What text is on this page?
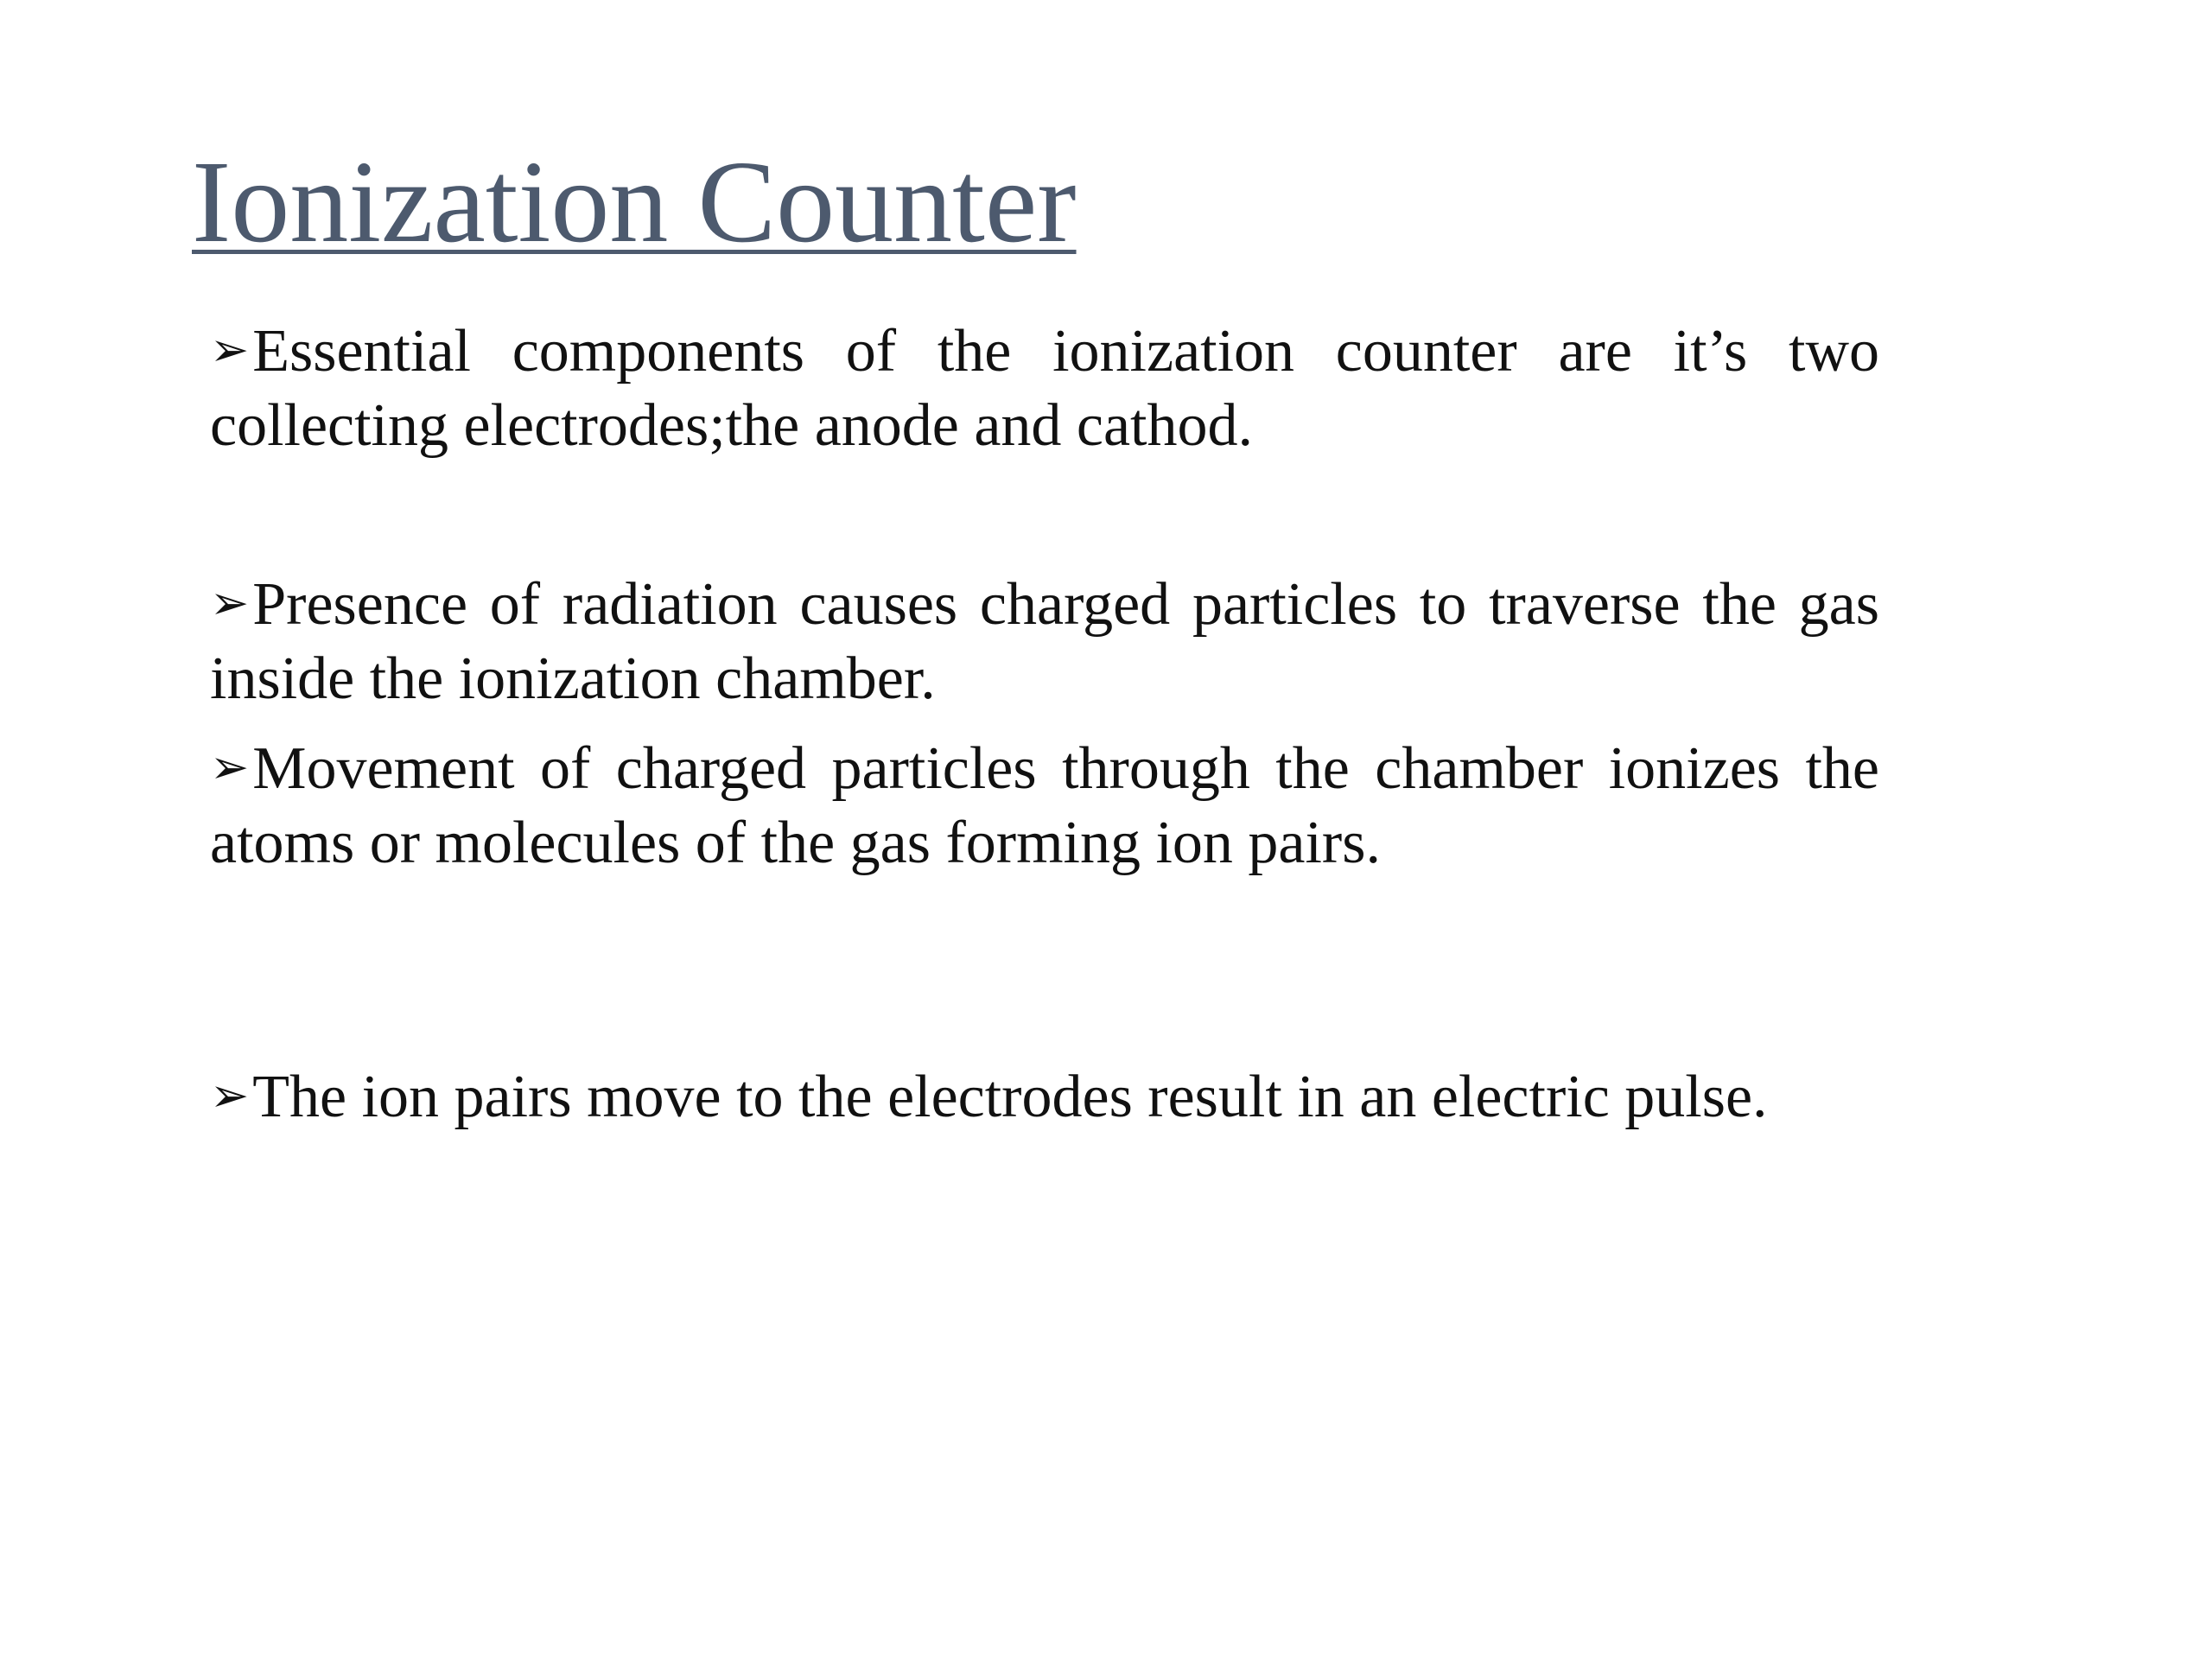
Ionization Counter

➢Essential components of the ionization counter are it’s two collecting electrodes;the anode and cathod.

➢Presence of radiation causes charged particles to traverse the gas inside the ionization chamber.

➢Movement of charged particles through the chamber ionizes the atoms or molecules of the gas forming ion pairs.

➢The ion pairs move to the electrodes result in an electric pulse.
